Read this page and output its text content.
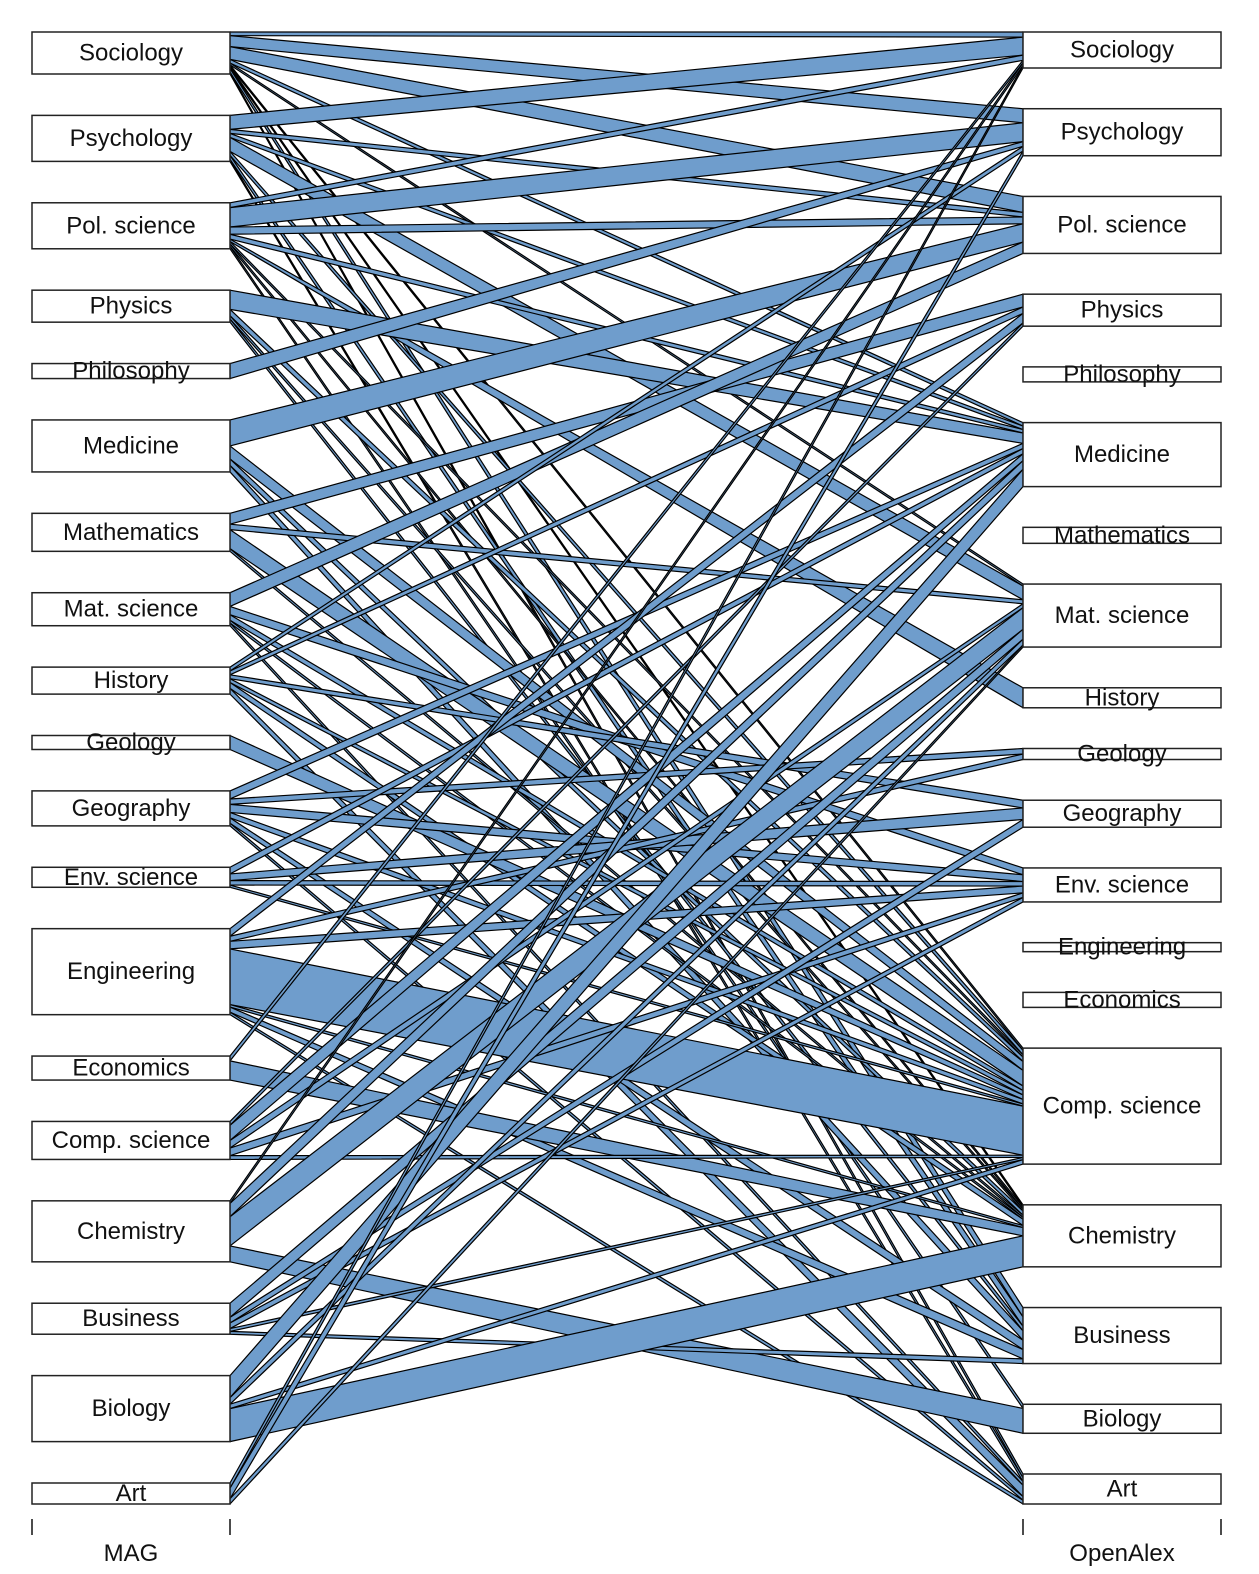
Sociology
Psychology
Pol. science
Physics
Philosophy
Medicine
Mathematics
Mat. science
History
Geology
Geography
Env. science
Engineering
Economics
Comp. science
Chemistry
Business
Biology
Art
Sociology
Psychology
Pol. science
Physics
Philosophy
Medicine
Mathematics
Mat. science
History
Geology
Geography
Env. science
Engineering
Economics
Comp. science
Chemistry
Business
Biology
Art
MAG	OpenAlex
